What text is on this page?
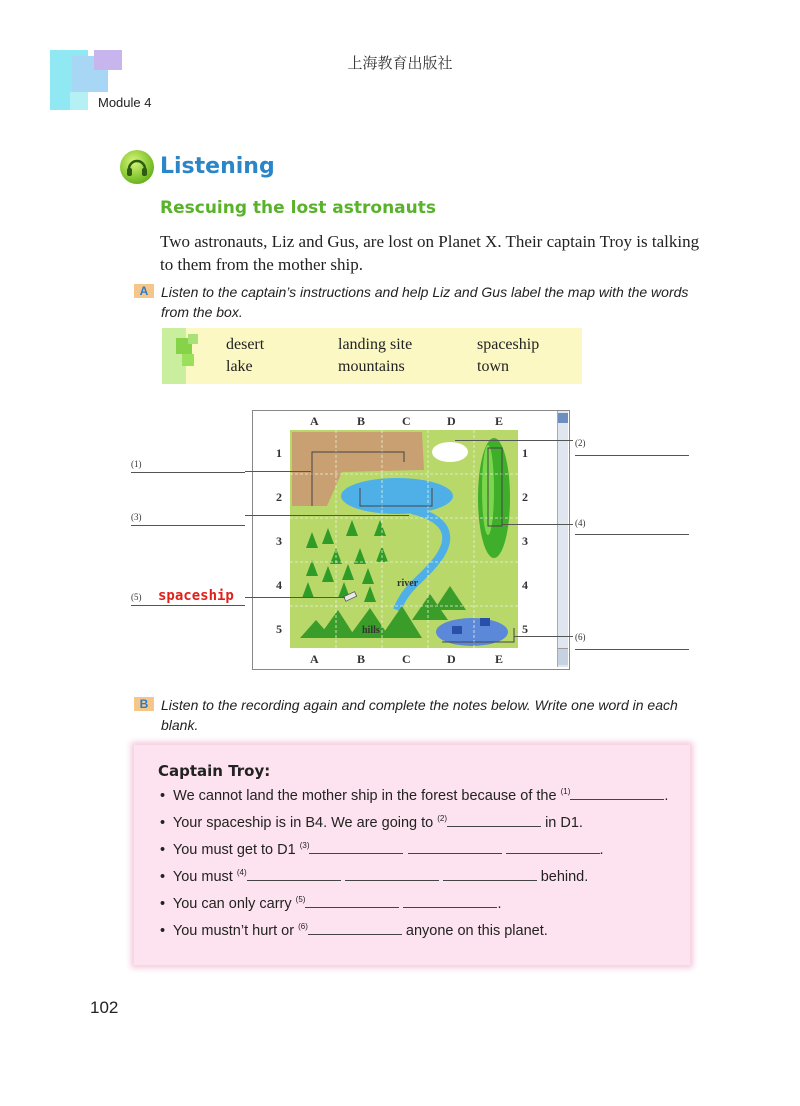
上海教育出版社
Module 4
Listening
Rescuing the lost astronauts
Two astronauts, Liz and Gus, are lost on Planet X. Their captain Troy is talking to them from the mother ship.
A Listen to the captain’s instructions and help Liz and Gus label the map with the words from the box.
desert	landing site	spaceship
lake	mountains	town
A	B	C	D	E
A	B	C	D	E
1
2
3
4
5
1
2
3
4
5
river
hills
(1)
(3)
(5) spaceship
(2)
(4)
(6)
B Listen to the recording again and complete the notes below. Write one word in each blank.
Captain Troy:
•  We cannot land the mother ship in the forest because of the $^{(1)}$	.
•  Your spaceship is in B4. We are going to $^{(2)}$	in D1.
•  You must get to D1 $^{(3)}$	.
•  You must $^{(4)}$	behind.
•  You can only carry $^{(5)}$	.
•  You mustn’t hurt or $^{(6)}$	anyone on this planet.
102
